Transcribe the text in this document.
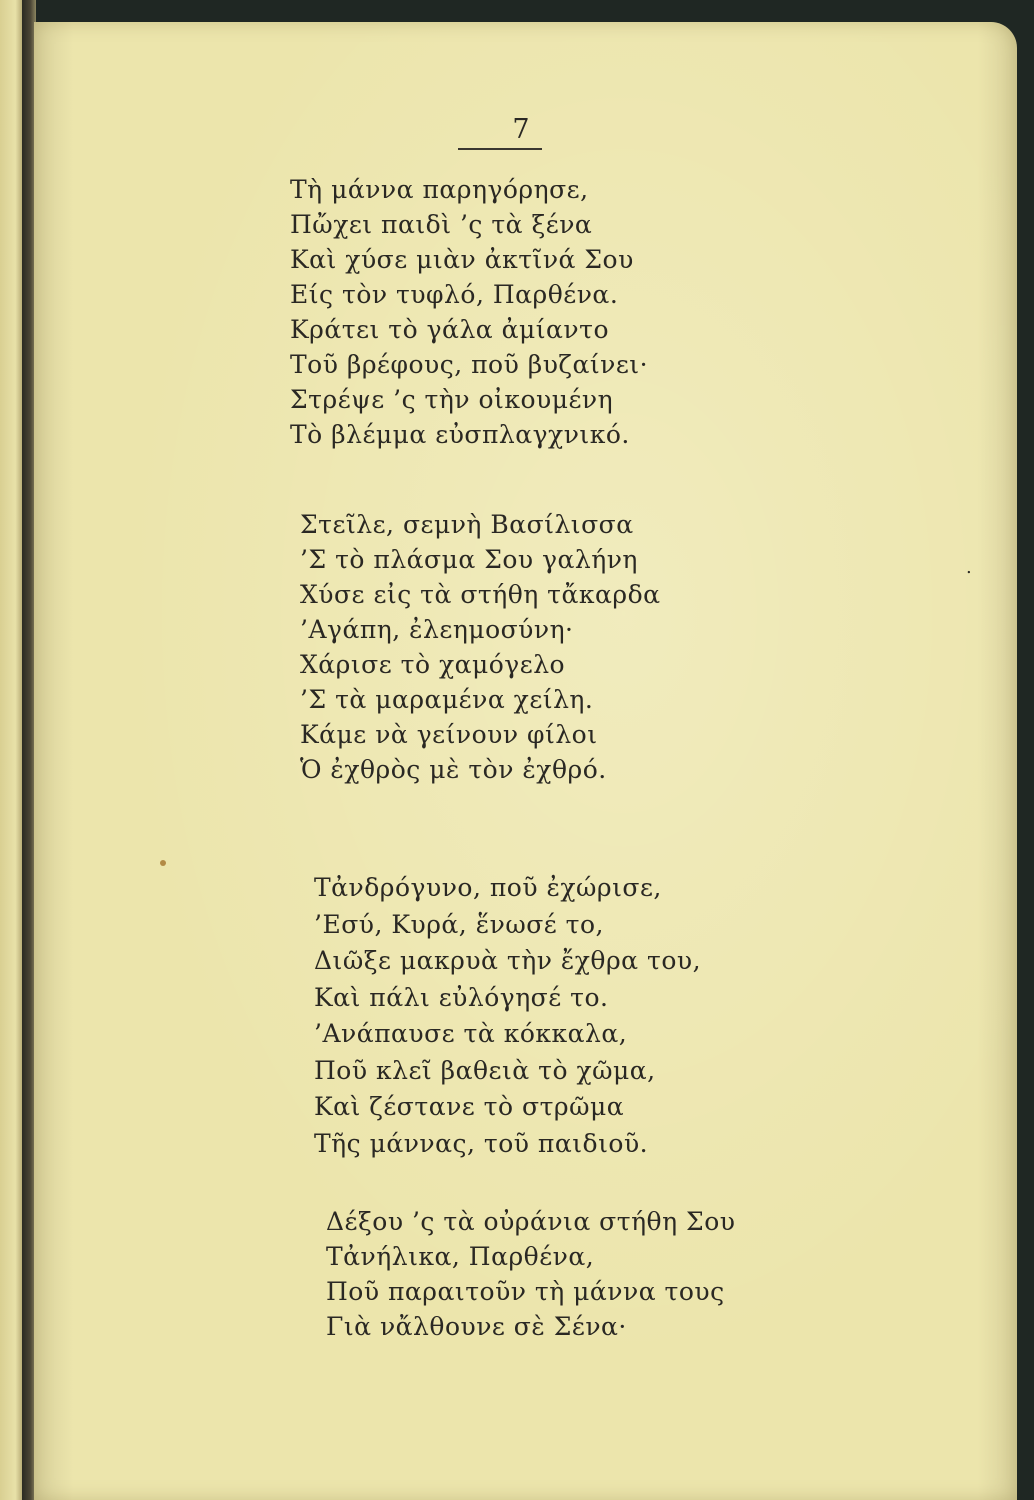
7
Τὴ μάννα παρηγόρησε,
Πὤχει παιδὶ ’ς τὰ ξένα
Καὶ χύσε μιὰν ἀκτῖνά Σου
Είς τὸν τυφλό, Παρθένα.
Κράτει τὸ γάλα ἀμίαντο
Τοῦ βρέφους, ποῦ βυζαίνει·
Στρέψε ’ς τὴν οἰκουμένη
Τὸ βλέμμα εὐσπλαγχνικό.
Στεῖλε, σεμνὴ Βασίλισσα
’Σ τὸ πλάσμα Σου γαλήνη
Χύσε εἰς τὰ στήθη τἄκαρδα
’Αγάπη, ἐλεημοσύνη·
Χάρισε τὸ χαμόγελο
’Σ τὰ μαραμένα χείλη.
Κάμε νὰ γείνουν φίλοι
Ὁ ἐχθρὸς μὲ τὸν ἐχθρό.
Τἀνδρόγυνο, ποῦ ἐχώρισε,
’Εσύ, Κυρά, ἕνωσέ το,
Διῶξε μακρυὰ τὴν ἔχθρα του,
Καὶ πάλι εὐλόγησέ το.
’Ανάπαυσε τὰ κόκκαλα,
Ποῦ κλεῖ βαθειὰ τὸ χῶμα,
Καὶ ζέστανε τὸ στρῶμα
Τῆς μάννας, τοῦ παιδιοῦ.
Δέξου ’ς τὰ οὐράνια στήθη Σου
Τἀνήλικα, Παρθένα,
Ποῦ παραιτοῦν τὴ μάννα τους
Γιὰ νἄλθουνε σὲ Σένα·
.
